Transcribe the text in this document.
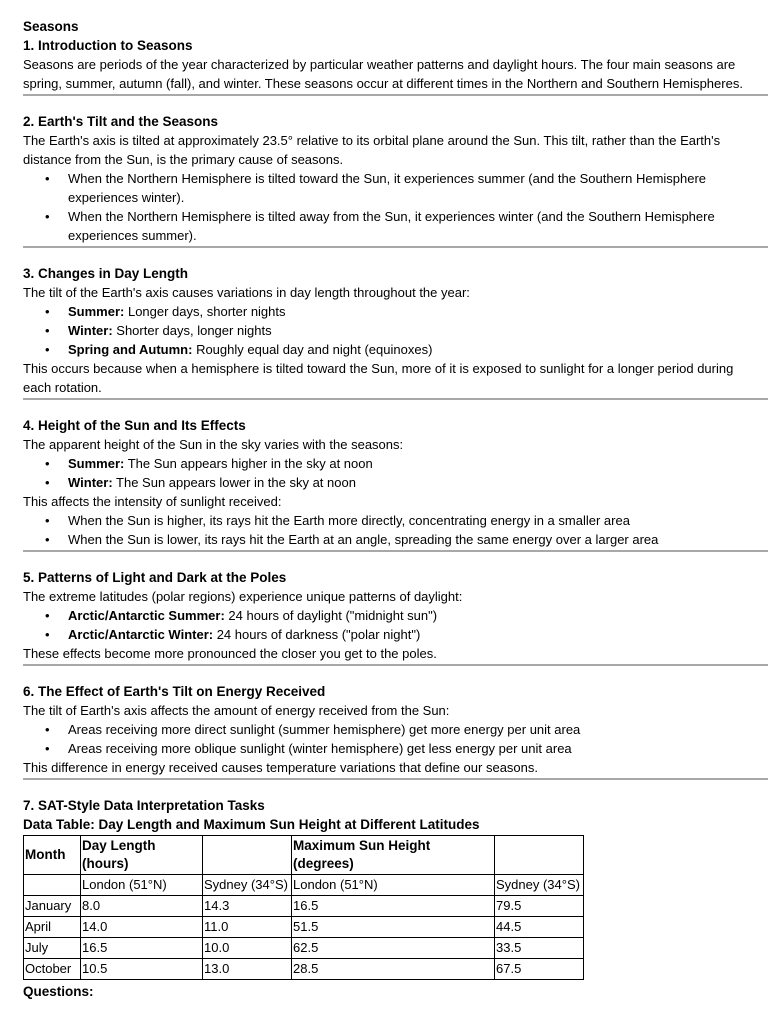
Seasons
1. Introduction to Seasons

Seasons are periods of the year characterized by particular weather patterns and daylight hours. The four main seasons are spring, summer, autumn (fall), and winter. These seasons occur at different times in the Northern and Southern Hemispheres.

2. Earth's Tilt and the Seasons

The Earth's axis is tilted at approximately 23.5° relative to its orbital plane around the Sun. This tilt, rather than the Earth's distance from the Sun, is the primary cause of seasons.

• When the Northern Hemisphere is tilted toward the Sun, it experiences summer (and the Southern Hemisphere experiences winter).
• When the Northern Hemisphere is tilted away from the Sun, it experiences winter (and the Southern Hemisphere experiences summer).
3. Changes in Day Length

The tilt of the Earth's axis causes variations in day length throughout the year:

• Summer: Longer days, shorter nights
• Winter: Shorter days, longer nights
• Spring and Autumn: Roughly equal day and night (equinoxes)

This occurs because when a hemisphere is tilted toward the Sun, more of it is exposed to sunlight for a longer period during each rotation.

4. Height of the Sun and Its Effects

The apparent height of the Sun in the sky varies with the seasons:

• Summer: The Sun appears higher in the sky at noon
• Winter: The Sun appears lower in the sky at noon

This affects the intensity of sunlight received:

• When the Sun is higher, its rays hit the Earth more directly, concentrating energy in a smaller area
• When the Sun is lower, its rays hit the Earth at an angle, spreading the same energy over a larger area
5. Patterns of Light and Dark at the Poles

The extreme latitudes (polar regions) experience unique patterns of daylight:

• Arctic/Antarctic Summer: 24 hours of daylight ("midnight sun")
• Arctic/Antarctic Winter: 24 hours of darkness ("polar night")

These effects become more pronounced the closer you get to the poles.

6. The Effect of Earth's Tilt on Energy Received

The tilt of Earth's axis affects the amount of energy received from the Sun:

• Areas receiving more direct sunlight (summer hemisphere) get more energy per unit area
• Areas receiving more oblique sunlight (winter hemisphere) get less energy per unit area

This difference in energy received causes temperature variations that define our seasons.

7. SAT-Style Data Interpretation Tasks
Data Table: Day Length and Maximum Sun Height at Different Latitudes
Month	Day Length (hours)		Maximum Sun Height (degrees)	
	London (51°N)	Sydney (34°S)	London (51°N)	Sydney (34°S)
January	8.0	14.3	16.5	79.5
April	14.0	11.0	51.5	44.5
July	16.5	10.0	62.5	33.5
October	10.5	13.0	28.5	67.5
Questions:
